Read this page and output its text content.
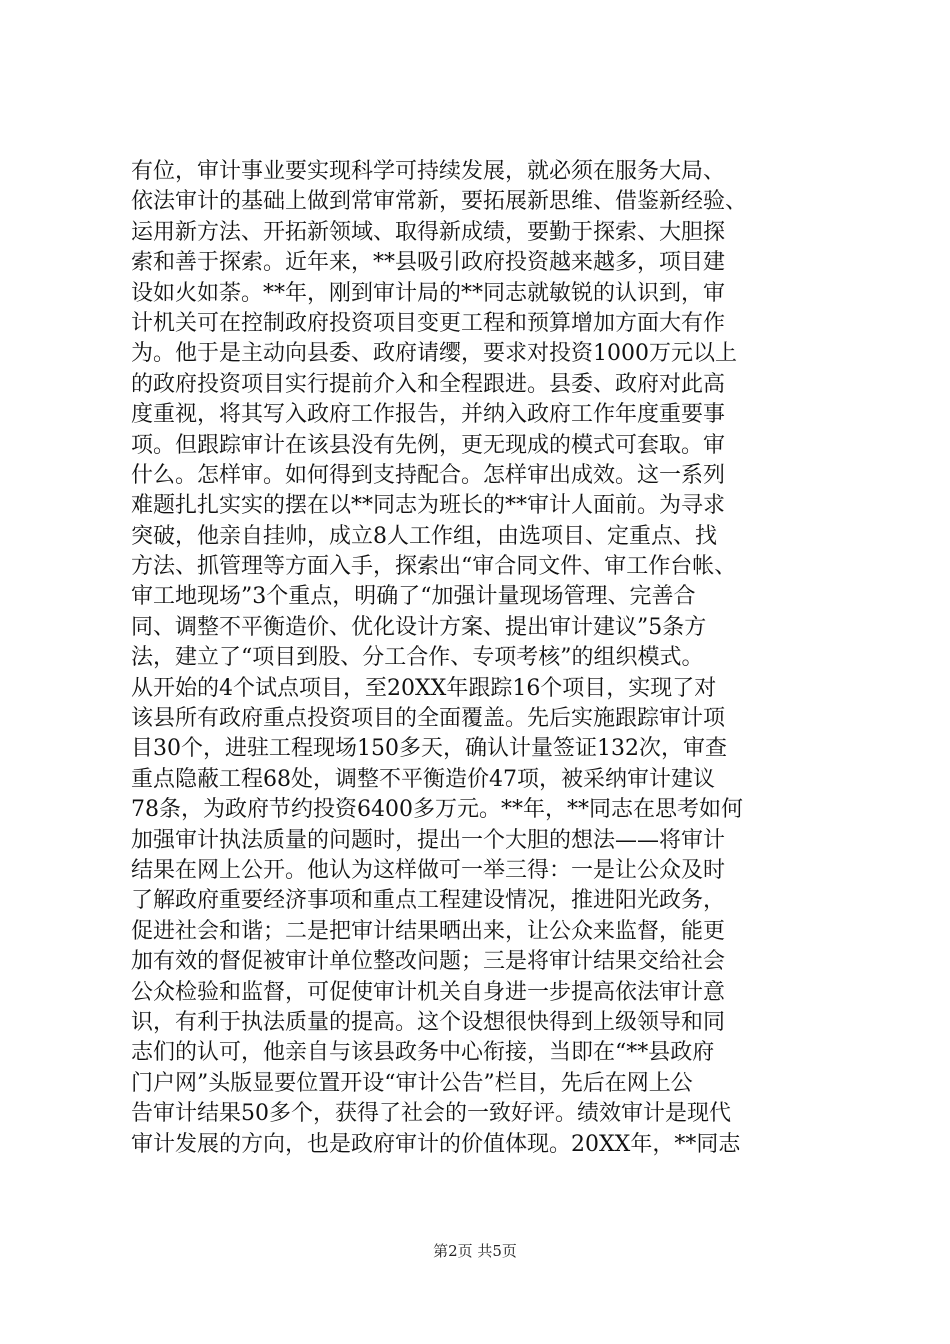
有位，审计事业要实现科学可持续发展，就必须在服务大局、
依法审计的基础上做到常审常新，要拓展新思维、借鉴新经验、
运用新方法、开拓新领域、取得新成绩，要勤于探索、大胆探
索和善于探索。近年来，**县吸引政府投资越来越多，项目建
设如火如荼。**年，刚到审计局的**同志就敏锐的认识到，审
计机关可在控制政府投资项目变更工程和预算增加方面大有作
为。他于是主动向县委、政府请缨，要求对投资1000万元以上
的政府投资项目实行提前介入和全程跟进。县委、政府对此高
度重视，将其写入政府工作报告，并纳入政府工作年度重要事
项。但跟踪审计在该县没有先例，更无现成的模式可套取。审
什么。怎样审。如何得到支持配合。怎样审出成效。这一系列
难题扎扎实实的摆在以**同志为班长的**审计人面前。为寻求
突破，他亲自挂帅，成立8人工作组，由选项目、定重点、找
方法、抓管理等方面入手，探索出“审合同文件、审工作台帐、
审工地现场”3个重点，明确了“加强计量现场管理、完善合
同、调整不平衡造价、优化设计方案、提出审计建议”5条方
法，建立了“项目到股、分工合作、专项考核”的组织模式。
从开始的4个试点项目，至20XX年跟踪16个项目，实现了对
该县所有政府重点投资项目的全面覆盖。先后实施跟踪审计项
目30个，进驻工程现场150多天，确认计量签证132次，审查
重点隐蔽工程68处，调整不平衡造价47项，被采纳审计建议
78条，为政府节约投资6400多万元。**年，**同志在思考如何
加强审计执法质量的问题时，提出一个大胆的想法——将审计
结果在网上公开。他认为这样做可一举三得：一是让公众及时
了解政府重要经济事项和重点工程建设情况，推进阳光政务，
促进社会和谐；二是把审计结果晒出来，让公众来监督，能更
加有效的督促被审计单位整改问题；三是将审计结果交给社会
公众检验和监督，可促使审计机关自身进一步提高依法审计意
识，有利于执法质量的提高。这个设想很快得到上级领导和同
志们的认可，他亲自与该县政务中心衔接，当即在“**县政府
门户网”头版显要位置开设“审计公告”栏目，先后在网上公
告审计结果50多个，获得了社会的一致好评。绩效审计是现代
审计发展的方向，也是政府审计的价值体现。20XX年，**同志
第2页 共5页
